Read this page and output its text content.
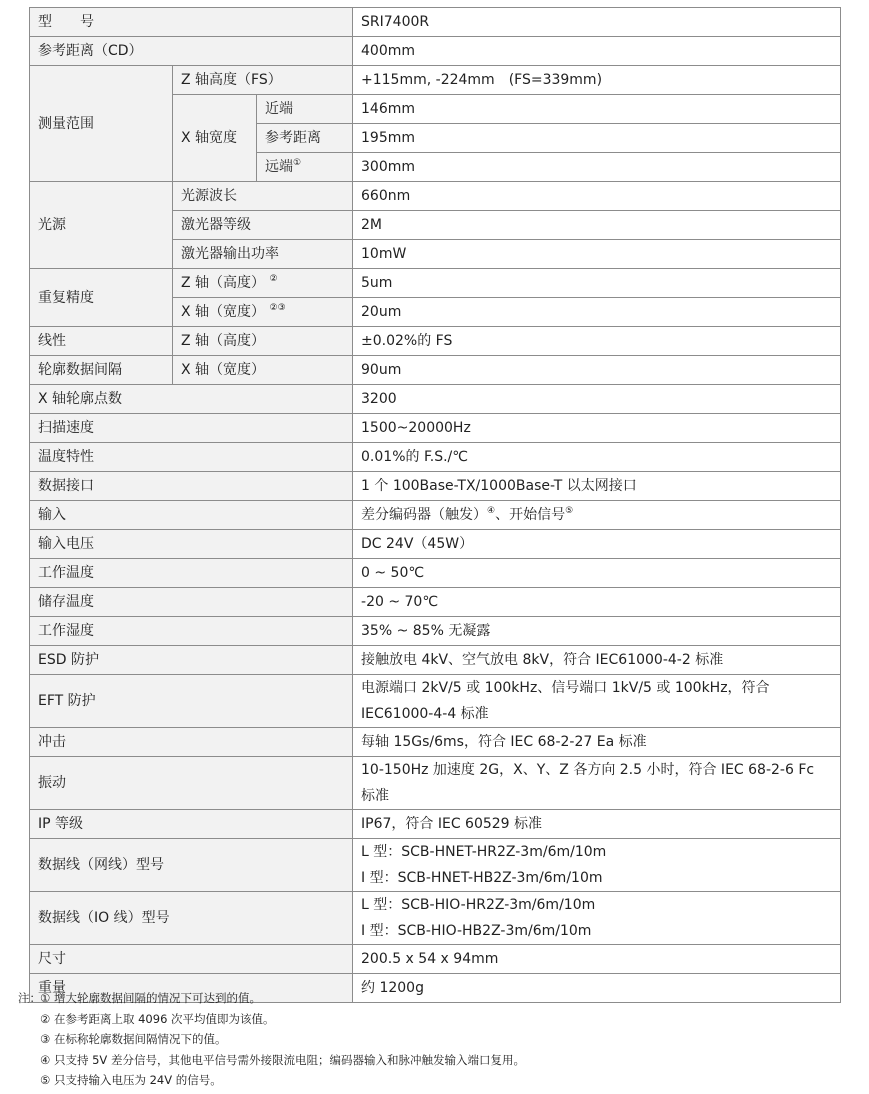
型　　号			SRI7400R
参考距离（CD）			400mm
测量范围	Z 轴高度（FS）		+115mm, -224mm　(FS=339mm)
	X 轴宽度	近端	146mm
		参考距离	195mm
		远端①	300mm
光源	光源波长		660nm
	激光器等级		2M
	激光器输出功率		10mW
重复精度	Z 轴（高度） ②		5um
	X 轴（宽度） ②③		20um
线性	Z 轴（高度）		±0.02%的 FS
轮廓数据间隔	X 轴（宽度）		90um
X 轴轮廓点数			3200
扫描速度			1500~20000Hz
温度特性			0.01%的 F.S./℃
数据接口			1 个 100Base-TX/1000Base-T 以太网接口
输入			差分编码器（触发）④、开始信号⑤
输入电压			DC 24V（45W）
工作温度			0 ~ 50℃
储存温度			-20 ~ 70℃
工作湿度			35% ~ 85% 无凝露
ESD 防护			接触放电 4kV、空气放电 8kV，符合 IEC61000-4-2 标准
EFT 防护			电源端口 2kV/5 或 100kHz、信号端口 1kV/5 或 100kHz，符合
IEC61000-4-4 标准

冲击			每轴 15Gs/6ms，符合 IEC 68-2-27 Ea 标准
振动			10-150Hz 加速度 2G，X、Y、Z 各方向 2.5 小时，符合 IEC 68-2-6 Fc
标准

IP 等级			IP67，符合 IEC 60529 标准
数据线（网线）型号			L 型：SCB-HNET-HR2Z-3m/6m/10m
I 型：SCB-HNET-HB2Z-3m/6m/10m

数据线（IO 线）型号			L 型：SCB-HIO-HR2Z-3m/6m/10m
I 型：SCB-HIO-HB2Z-3m/6m/10m

尺寸			200.5 x 54 x 94mm
重量			约 1200g
注：① 增大轮廓数据间隔的情况下可达到的值。
② 在参考距离上取 4096 次平均值即为该值。
③ 在标称轮廓数据间隔情况下的值。
④ 只支持 5V 差分信号，其他电平信号需外接限流电阻；编码器输入和脉冲触发输入端口复用。
⑤ 只支持输入电压为 24V 的信号。
